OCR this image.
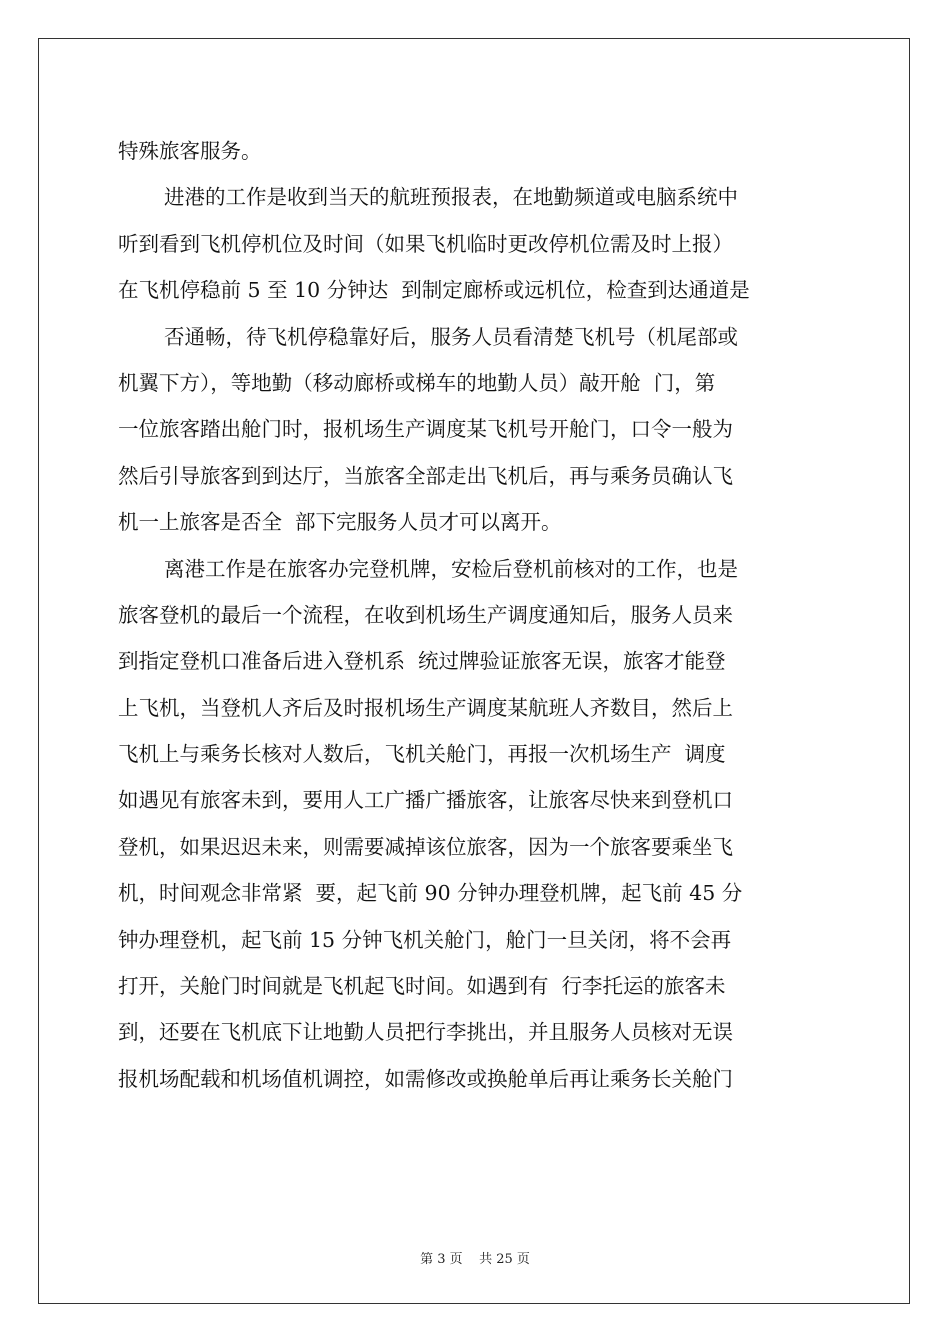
特殊旅客服务。
进港的工作是收到当天的航班预报表，在地勤频道或电脑系统中
听到看到飞机停机位及时间（如果飞机临时更改停机位需及时上报）
在飞机停稳前 5 至 10 分钟达  到制定廊桥或远机位，检查到达通道是
否通畅，待飞机停稳靠好后，服务人员看清楚飞机号（机尾部或
机翼下方），等地勤（移动廊桥或梯车的地勤人员）敲开舱  门，第
一位旅客踏出舱门时，报机场生产调度某飞机号开舱门，口令一般为
然后引导旅客到到达厅，当旅客全部走出飞机后，再与乘务员确认飞
机一上旅客是否全  部下完服务人员才可以离开。
离港工作是在旅客办完登机牌，安检后登机前核对的工作，也是
旅客登机的最后一个流程，在收到机场生产调度通知后，服务人员来
到指定登机口准备后进入登机系  统过牌验证旅客无误，旅客才能登
上飞机，当登机人齐后及时报机场生产调度某航班人齐数目，然后上
飞机上与乘务长核对人数后，飞机关舱门，再报一次机场生产  调度
如遇见有旅客未到，要用人工广播广播旅客，让旅客尽快来到登机口
登机，如果迟迟未来，则需要减掉该位旅客，因为一个旅客要乘坐飞
机，时间观念非常紧  要，起飞前 90 分钟办理登机牌，起飞前 45 分
钟办理登机，起飞前 15 分钟飞机关舱门，舱门一旦关闭，将不会再
打开，关舱门时间就是飞机起飞时间。如遇到有  行李托运的旅客未
到，还要在飞机底下让地勤人员把行李挑出，并且服务人员核对无误
报机场配载和机场值机调控，如需修改或换舱单后再让乘务长关舱门
第 3 页    共 25 页
